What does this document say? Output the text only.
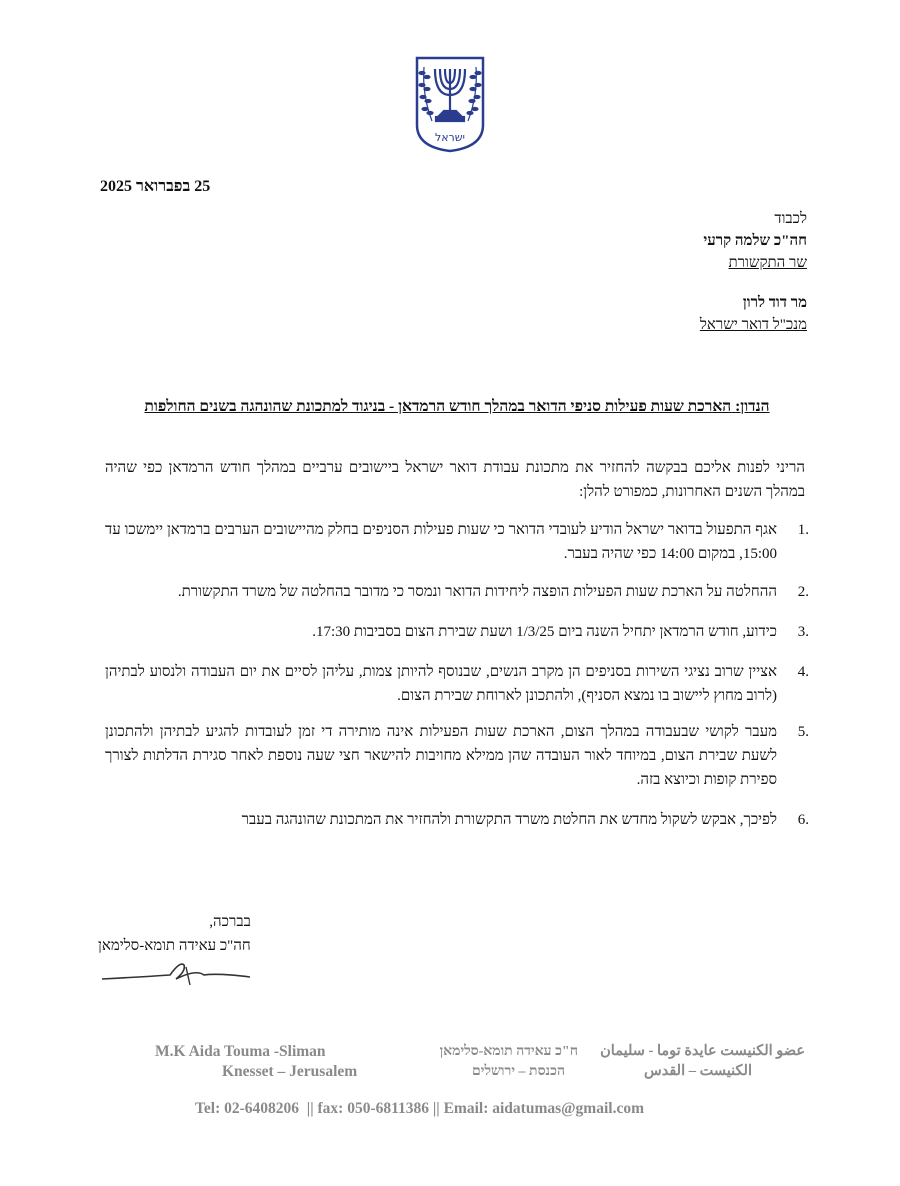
ישראל
25 בפברואר 2025
לכבוד
חה"כ שלמה קרעי
שר התקשורת
מר דוד לרון
מנכ"ל דואר ישראל
הנדון: הארכת שעות פעילות סניפי הדואר במהלך חודש הרמדאן - בניגוד למתכונת שהונהגה בשנים החולפות
הריני לפנות אליכם בבקשה להחזיר את מתכונת עבודת דואר ישראל ביישובים ערביים במהלך חודש הרמדאן כפי שהיה במהלך השנים האחרונות, כמפורט להלן:
.1
אגף התפעול בדואר ישראל הודיע לעובדי הדואר כי שעות פעילות הסניפים בחלק מהיישובים הערבים ברמדאן יימשכו עד 15:00, במקום 14:00 כפי שהיה בעבר.
.2
ההחלטה על הארכת שעות הפעילות הופצה ליחידות הדואר ונמסר כי מדובר בהחלטה של משרד התקשורת.
.3
כידוע, חודש הרמדאן יתחיל השנה ביום 1/3/25 ושעת שבירת הצום בסביבות 17:30.
.4
אציין שרוב נציגי השירות בסניפים הן מקרב הנשים, שבנוסף להיותן צמות, עליהן לסיים את יום העבודה ולנסוע לבתיהן (לרוב מחוץ ליישוב בו נמצא הסניף), ולהתכונן לארוחת שבירת הצום.
.5
מעבר לקושי שבעבודה במהלך הצום, הארכת שעות הפעילות אינה מותירה די זמן לעובדות להגיע לבתיהן ולהתכונן לשעת שבירת הצום, במיוחד לאור העובדה שהן ממילא מחויבות להישאר חצי שעה נוספת לאחר סגירת הדלתות לצורך ספירת קופות וכיוצא בזה.
.6
לפיכך, אבקש לשקול מחדש את החלטת משרד התקשורת ולהחזיר את המתכונת שהונהגה בעבר
בברכה,
חה"כ עאידה תומא-סלימאן
M.K Aida Touma -Sliman
Knesset – Jerusalem
ח"כ עאידה תומא-סלימאן
הכנסת – ירושלים
عضو الكنيست عايدة توما - سليمان
الكنيست – القدس
Tel: 02-6408206  || fax: 050-6811386 || Email: aidatumas@gmail.com
